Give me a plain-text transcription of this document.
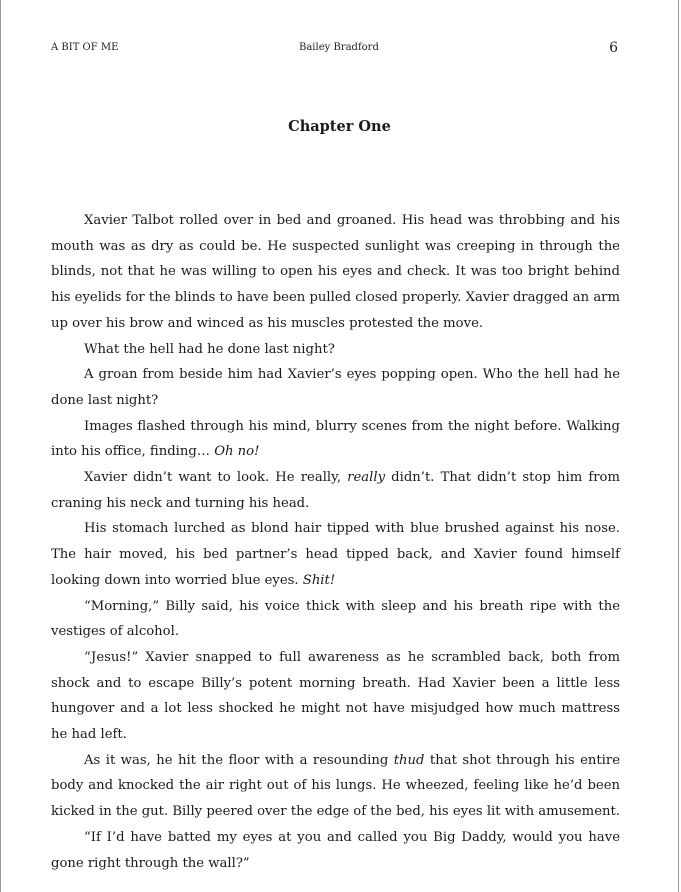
A BIT OF ME	Bailey Bradford	6
Chapter One

Xavier Talbot rolled over in bed and groaned. His head was throbbing and his mouth was as dry as could be. He suspected sunlight was creeping in through the blinds, not that he was willing to open his eyes and check. It was too bright behind his eyelids for the blinds to have been pulled closed properly. Xavier dragged an arm up over his brow and winced as his muscles protested the move.

What the hell had he done last night?

A groan from beside him had Xavier’s eyes popping open. Who the hell had he done last night?

Images flashed through his mind, blurry scenes from the night before. Walking into his office, finding… Oh no!

Xavier didn’t want to look. He really, really didn’t. That didn’t stop him from craning his neck and turning his head.

His stomach lurched as blond hair tipped with blue brushed against his nose. The hair moved, his bed partner’s head tipped back, and Xavier found himself looking down into worried blue eyes. Shit!

“Morning,” Billy said, his voice thick with sleep and his breath ripe with the vestiges of alcohol.

“Jesus!” Xavier snapped to full awareness as he scrambled back, both from shock and to escape Billy’s potent morning breath. Had Xavier been a little less hungover and a lot less shocked he might not have misjudged how much mattress he had left.

As it was, he hit the floor with a resounding thud that shot through his entire body and knocked the air right out of his lungs. He wheezed, feeling like he’d been kicked in the gut. Billy peered over the edge of the bed, his eyes lit with amusement.

“If I’d have batted my eyes at you and called you Big Daddy, would you have gone right through the wall?”
